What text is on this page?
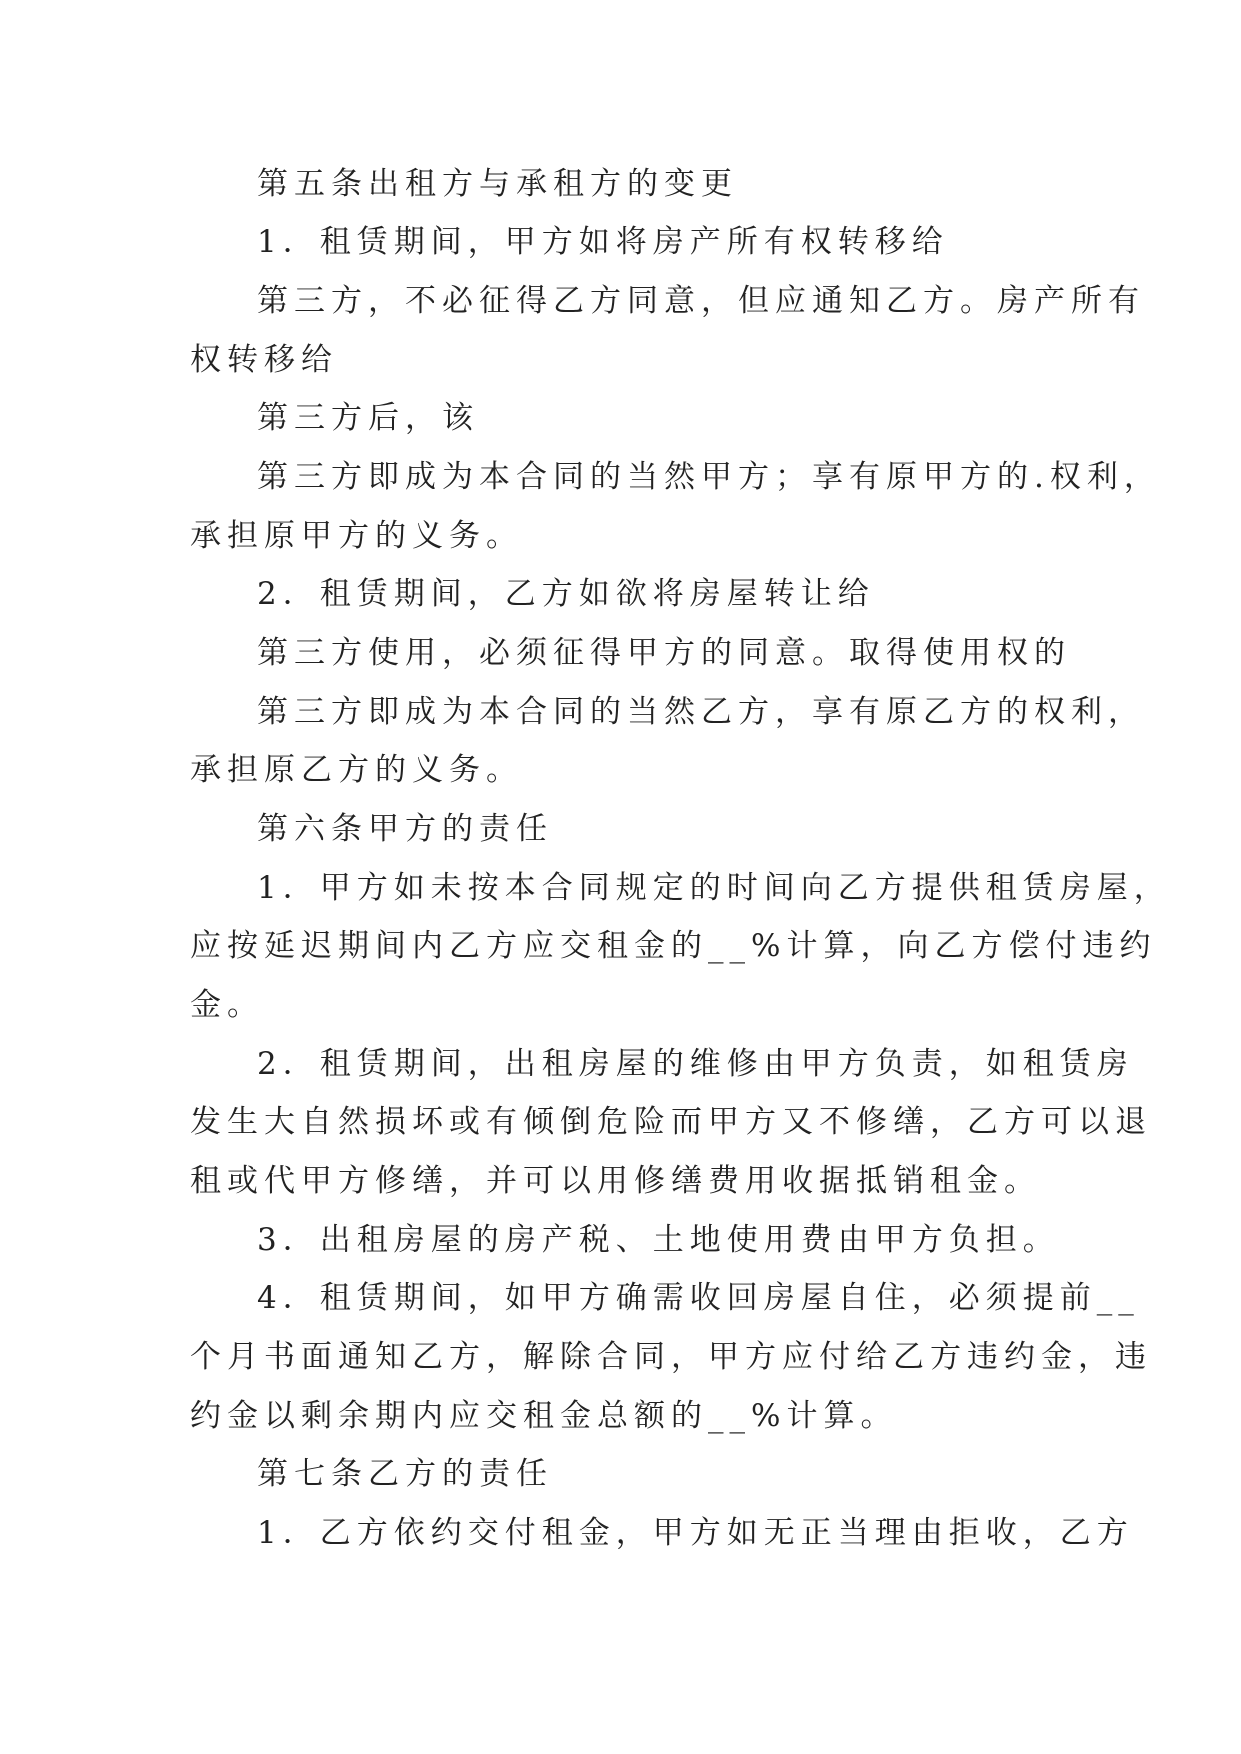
第五条出租方与承租方的变更
1．租赁期间，甲方如将房产所有权转移给
第三方，不必征得乙方同意，但应通知乙方。房产所有
权转移给
第三方后，该
第三方即成为本合同的当然甲方；享有原甲方的.权利，
承担原甲方的义务。
2．租赁期间，乙方如欲将房屋转让给
第三方使用，必须征得甲方的同意。取得使用权的
第三方即成为本合同的当然乙方，享有原乙方的权利，
承担原乙方的义务。
第六条甲方的责任
1．甲方如未按本合同规定的时间向乙方提供租赁房屋，
应按延迟期间内乙方应交租金的__%计算，向乙方偿付违约
金。
2．租赁期间，出租房屋的维修由甲方负责，如租赁房
发生大自然损坏或有倾倒危险而甲方又不修缮，乙方可以退
租或代甲方修缮，并可以用修缮费用收据抵销租金。
3．出租房屋的房产税、土地使用费由甲方负担。
4．租赁期间，如甲方确需收回房屋自住，必须提前__
个月书面通知乙方，解除合同，甲方应付给乙方违约金，违
约金以剩余期内应交租金总额的__%计算。
第七条乙方的责任
1．乙方依约交付租金，甲方如无正当理由拒收，乙方
